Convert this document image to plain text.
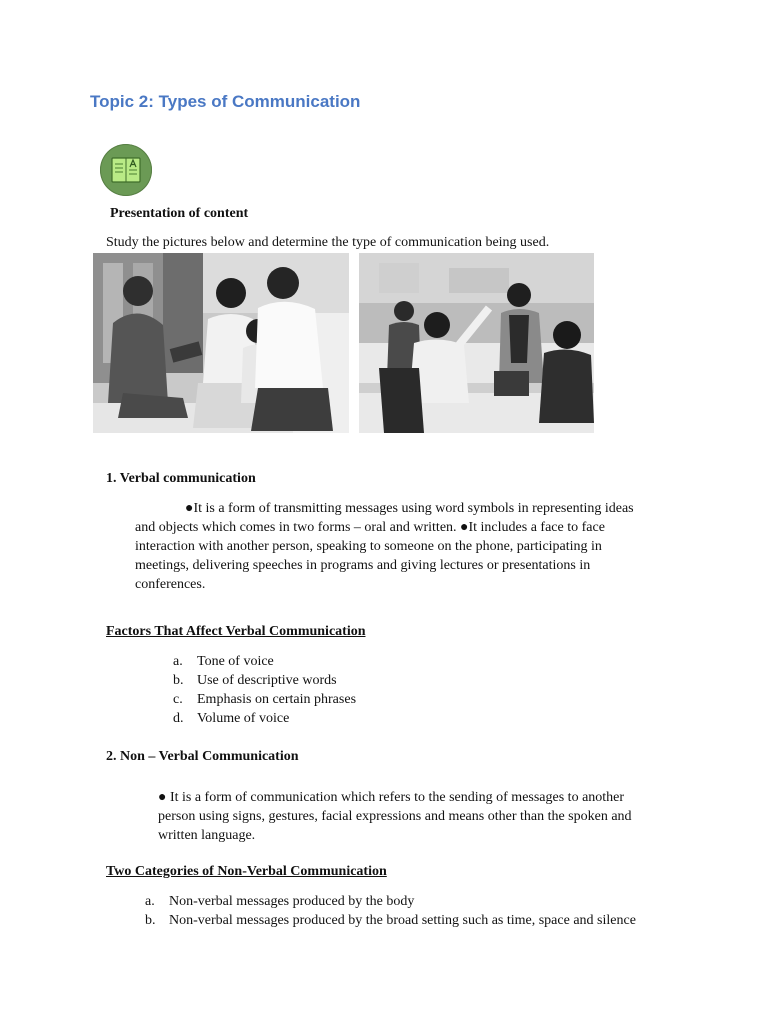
Topic 2: Types of Communication
Presentation of content
Study the pictures below and determine the type of communication being used.
1. Verbal communication
●It is a form of transmitting messages using word symbols in representing ideas
and objects which comes in two forms – oral and written. ●It includes a face to face
interaction with another person, speaking to someone on the phone, participating in
meetings, delivering speeches in programs and giving lectures or presentations in
conferences.
Factors That Affect Verbal Communication
a.	Tone of voice
b. Use of descriptive words
c.	Emphasis on certain phrases
d. Volume of voice
2. Non – Verbal Communication
● It is a form of communication which refers to the sending of messages to another
person using signs, gestures, facial expressions and means other than the spoken and
written language.
Two Categories of Non-Verbal Communication
a.	Non-verbal messages produced by the body
b. Non-verbal messages produced by the broad setting such as time, space and silence
